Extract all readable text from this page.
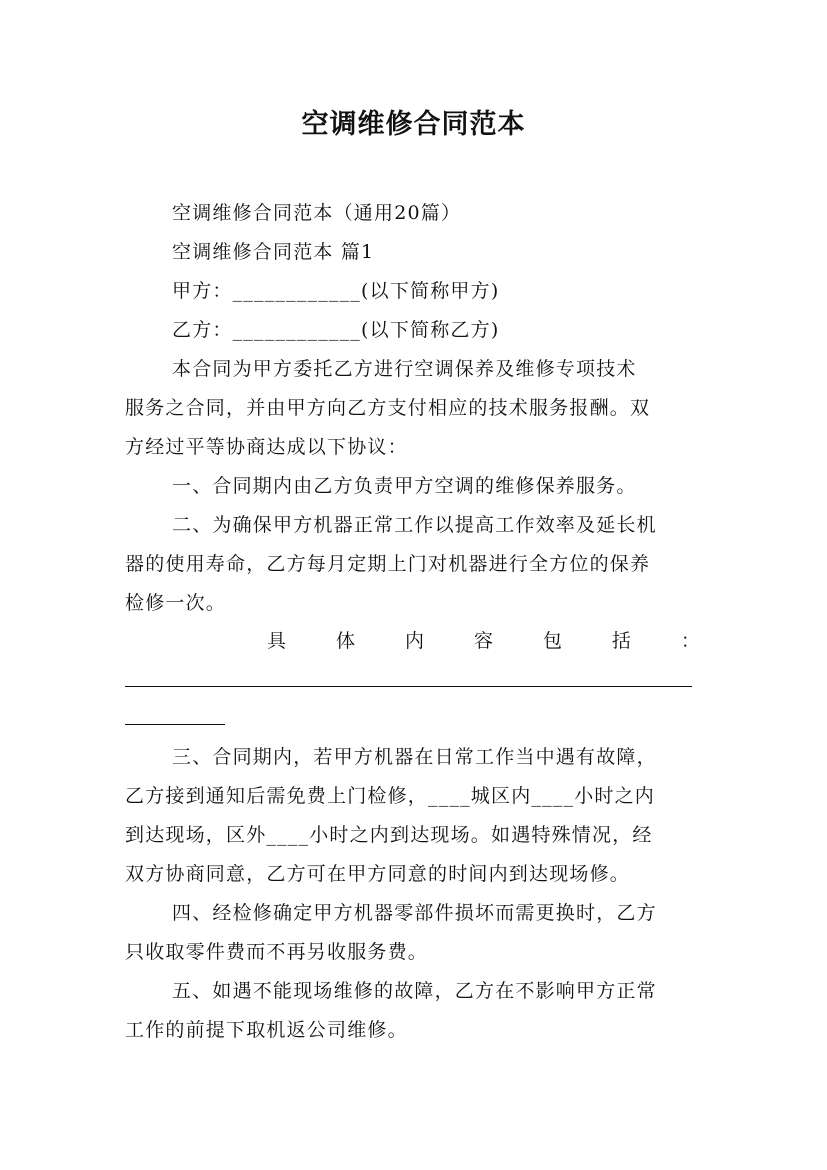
空调维修合同范本
空调维修合同范本（通用20篇）
空调维修合同范本 篇1
甲方：____________(以下简称甲方)
乙方：____________(以下简称乙方)
本合同为甲方委托乙方进行空调保养及维修专项技术
服务之合同，并由甲方向乙方支付相应的技术服务报酬。双
方经过平等协商达成以下协议：
一、合同期内由乙方负责甲方空调的维修保养服务。
二、为确保甲方机器正常工作以提高工作效率及延长机
器的使用寿命，乙方每月定期上门对机器进行全方位的保养
检修一次。
具	体	内	容	包	括	：
三、合同期内，若甲方机器在日常工作当中遇有故障，
乙方接到通知后需免费上门检修，____城区内____小时之内
到达现场，区外____小时之内到达现场。如遇特殊情况，经
双方协商同意，乙方可在甲方同意的时间内到达现场修。
四、经检修确定甲方机器零部件损坏而需更换时，乙方
只收取零件费而不再另收服务费。
五、如遇不能现场维修的故障，乙方在不影响甲方正常
工作的前提下取机返公司维修。
